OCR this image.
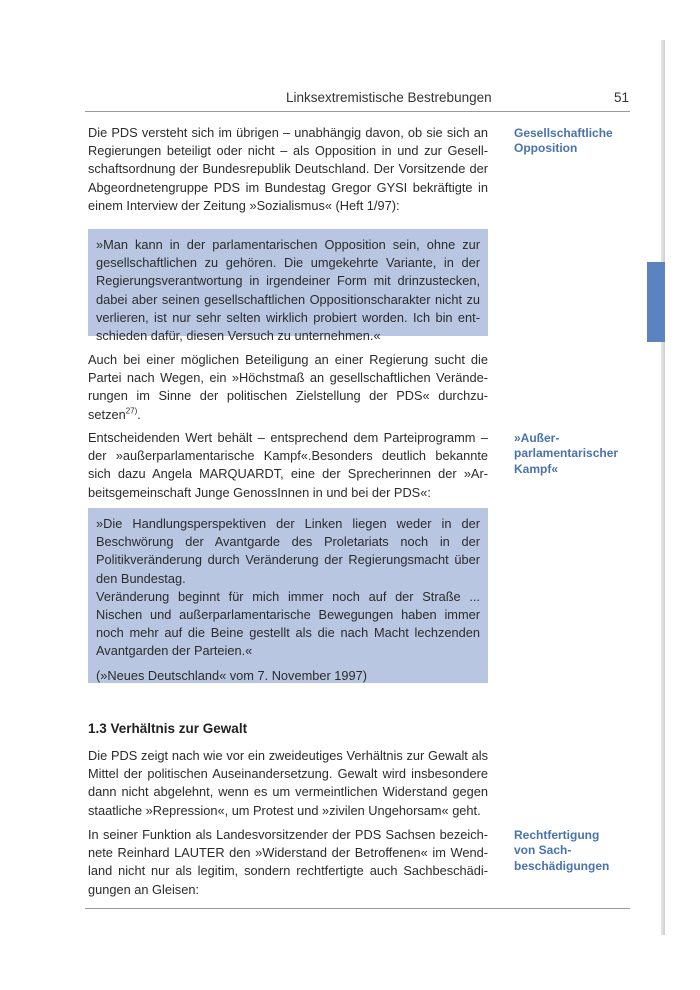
Linksextremistische Bestrebungen	51

Die PDS versteht sich im übrigen – unabhängig davon, ob sie sich an Regierungen beteiligt oder nicht – als Opposition in und zur Gesellschaftsordnung der Bundesrepublik Deutschland. Der Vorsitzende der Abgeordnetengruppe PDS im Bundestag Gregor GYSI bekräftigte in einem Interview der Zeitung »Sozialismus« (Heft 1/97):

Gesellschaftliche
Opposition

»Man kann in der parlamentarischen Opposition sein, ohne zur gesellschaftlichen zu gehören. Die umgekehrte Variante, in der Regierungsverantwortung in irgendeiner Form mit drinzustecken, dabei aber seinen gesellschaftlichen Oppositionscharakter nicht zu verlieren, ist nur sehr selten wirklich probiert worden. Ich bin entschieden dafür, diesen Versuch zu unternehmen.«

Auch bei einer möglichen Beteiligung an einer Regierung sucht die Partei nach Wegen, ein »Höchstmaß an gesellschaftlichen Veränderungen im Sinne der politischen Zielstellung der PDS« durchzusetzen$^{27)}$.

Entscheidenden Wert behält – entsprechend dem Parteiprogramm – der »außerparlamentarische Kampf«.Besonders deutlich bekannte sich dazu Angela MARQUARDT, eine der Sprecherinnen der »Arbeitsgemeinschaft Junge GenossInnen in und bei der PDS«:

»Außer-
parlamentarischer
Kampf«

»Die Handlungsperspektiven der Linken liegen weder in der Beschwörung der Avantgarde des Proletariats noch in der Politikveränderung durch Veränderung der Regierungsmacht über den Bundestag.

Veränderung beginnt für mich immer noch auf der Straße ... Nischen und außerparlamentarische Bewegungen haben immer noch mehr auf die Beine gestellt als die nach Macht lechzenden Avantgarden der Parteien.«

(»Neues Deutschland« vom 7. November 1997)

1.3 Verhältnis zur Gewalt

Die PDS zeigt nach wie vor ein zweideutiges Verhältnis zur Gewalt als Mittel der politischen Auseinandersetzung. Gewalt wird insbesondere dann nicht abgelehnt, wenn es um vermeintlichen Widerstand gegen staatliche »Repression«, um Protest und »zivilen Ungehorsam« geht.

In seiner Funktion als Landesvorsitzender der PDS Sachsen bezeichnete Reinhard LAUTER den »Widerstand der Betroffenen« im Wendland nicht nur als legitim, sondern rechtfertigte auch Sachbeschädigungen an Gleisen:

Rechtfertigung
von Sach-
beschädigungen
